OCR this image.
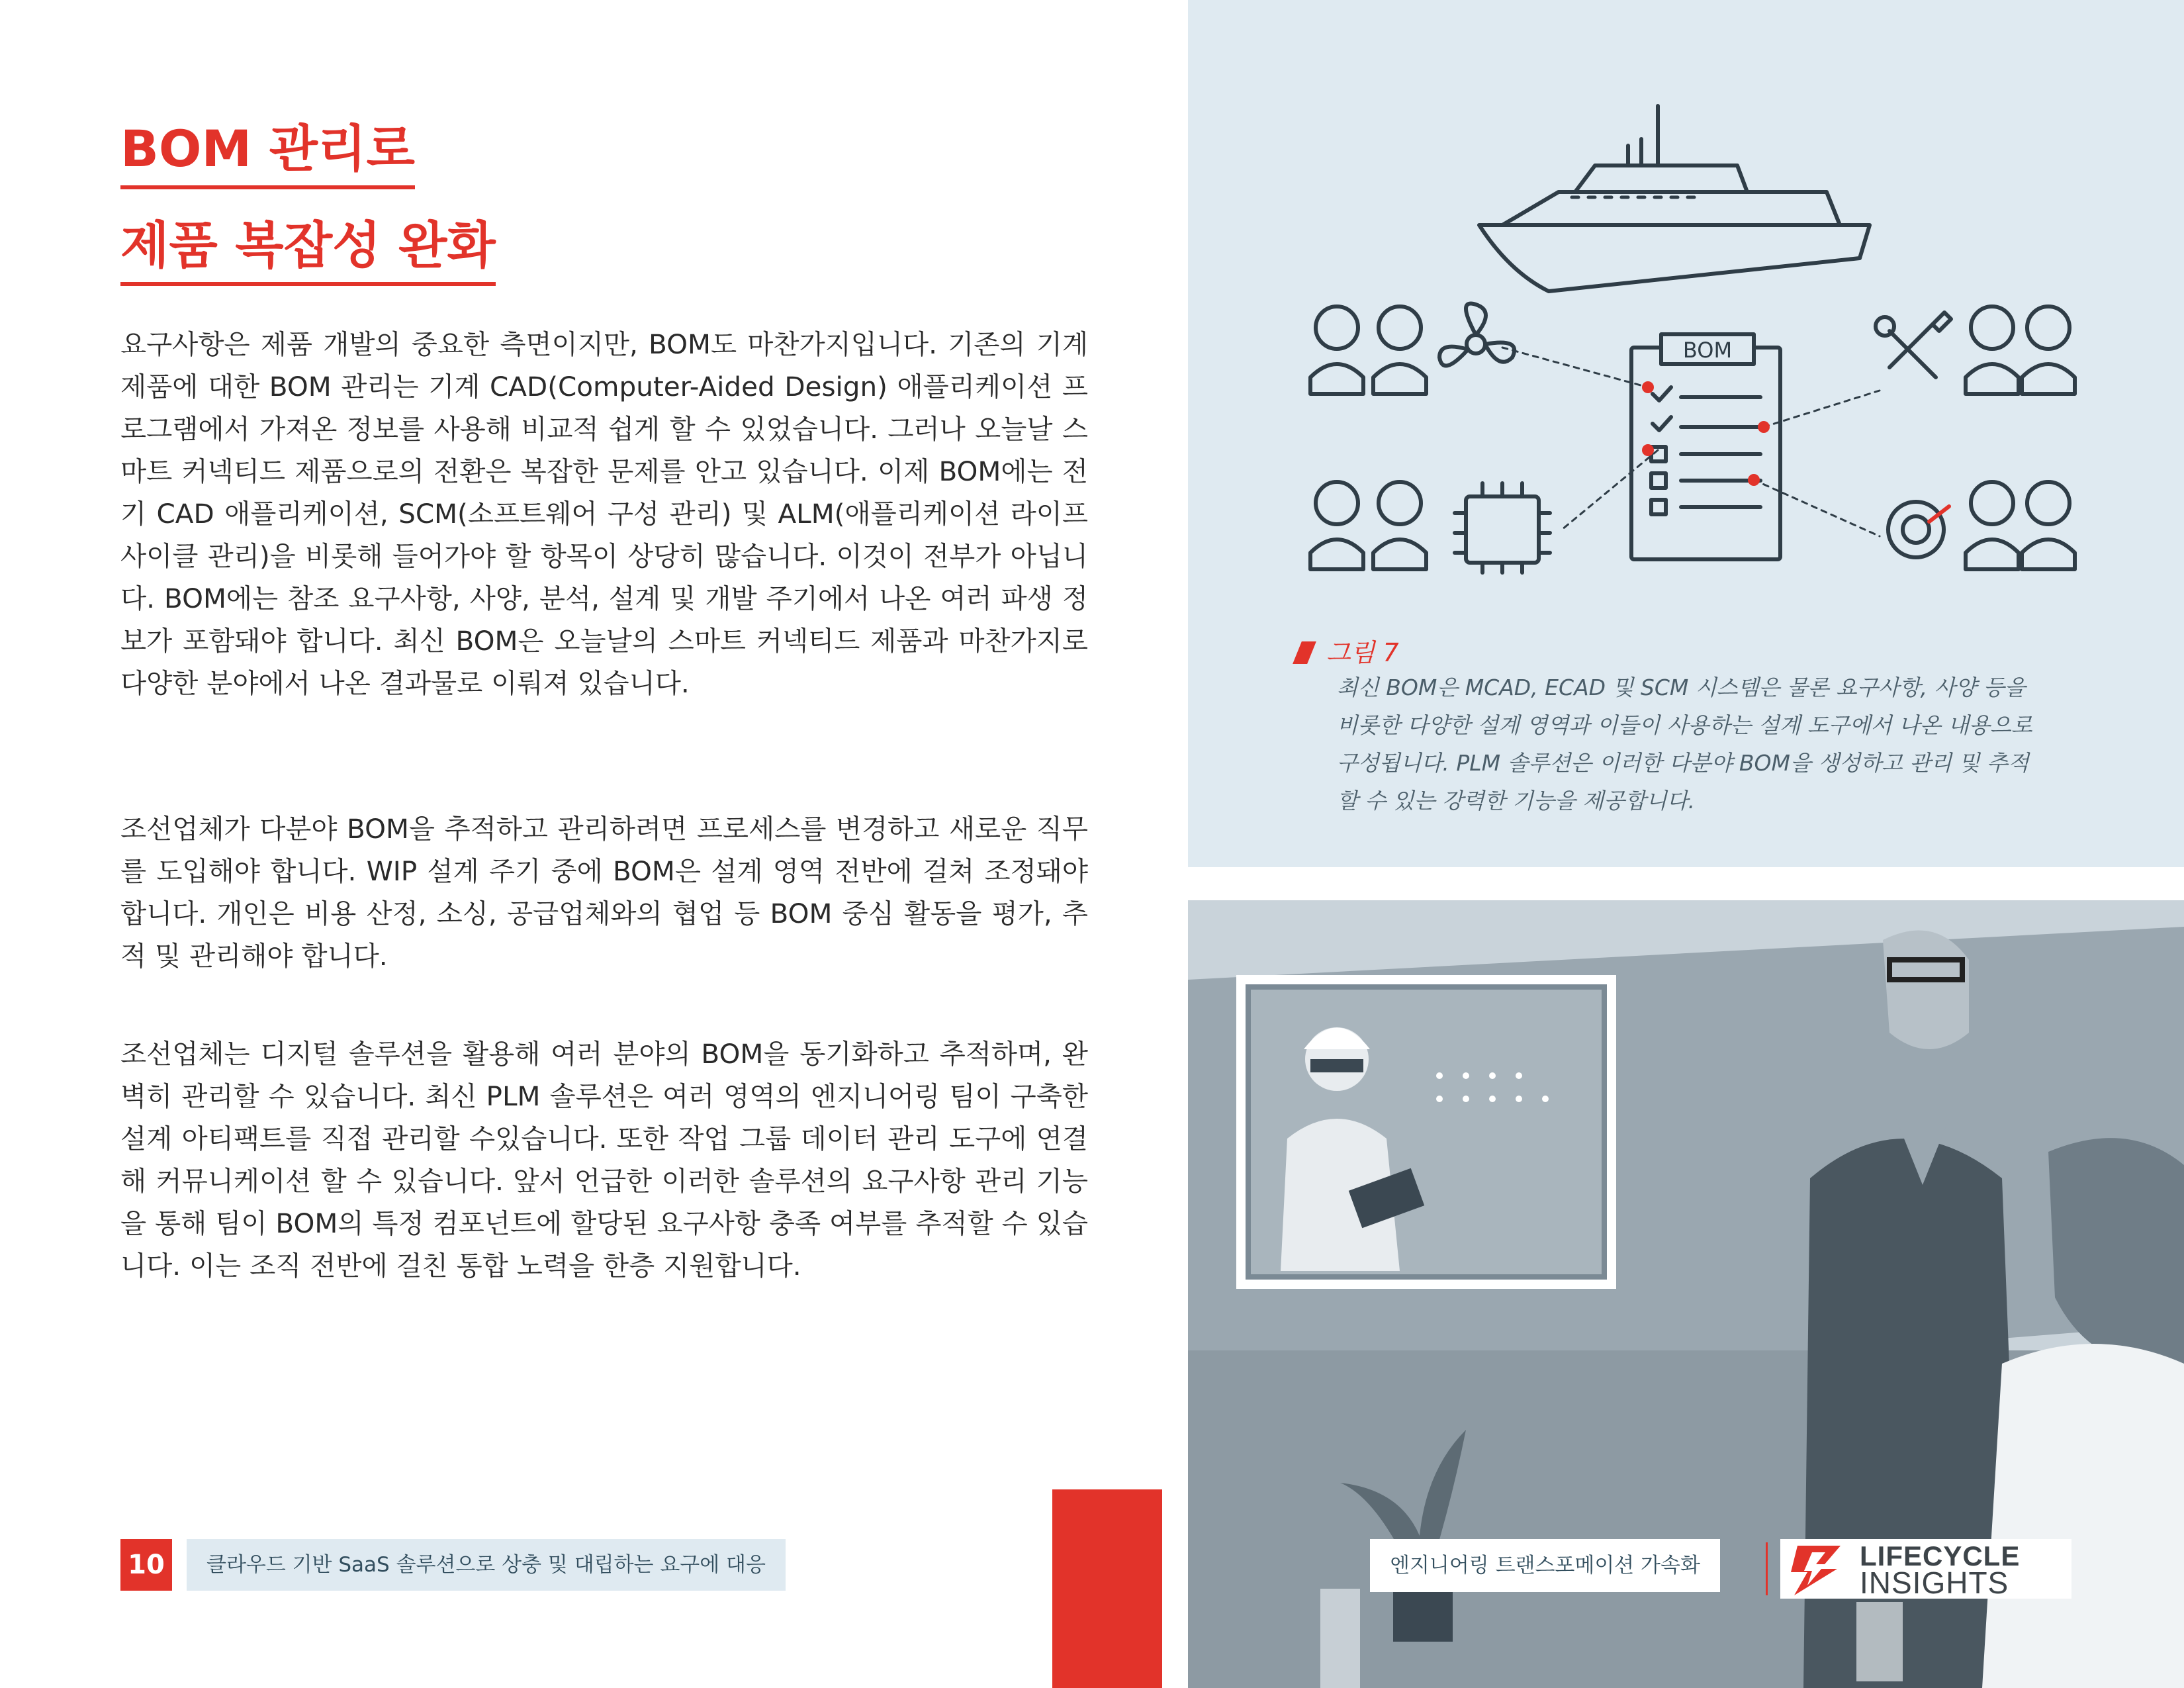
BOM 관리로
제품 복잡성 완화

요구사항은 제품 개발의 중요한 측면이지만, BOM도 마찬가지입니다. 기존의 기계 제품에 대한 BOM 관리는 기계 CAD(Computer-Aided Design) 애플리케이션 프로그램에서 가져온 정보를 사용해 비교적 쉽게 할 수 있었습니다. 그러나 오늘날 스마트 커넥티드 제품으로의 전환은 복잡한 문제를 안고 있습니다. 이제 BOM에는 전기 CAD 애플리케이션, SCM(소프트웨어 구성 관리) 및 ALM(애플리케이션 라이프사이클 관리)을 비롯해 들어가야 할 항목이 상당히 많습니다. 이것이 전부가 아닙니다. BOM에는 참조 요구사항, 사양, 분석, 설계 및 개발 주기에서 나온 여러 파생 정보가 포함돼야 합니다. 최신 BOM은 오늘날의 스마트 커넥티드 제품과 마찬가지로 다양한 분야에서 나온 결과물로 이뤄져 있습니다.

조선업체가 다분야 BOM을 추적하고 관리하려면 프로세스를 변경하고 새로운 직무를 도입해야 합니다. WIP 설계 주기 중에 BOM은 설계 영역 전반에 걸쳐 조정돼야 합니다. 개인은 비용 산정, 소싱, 공급업체와의 협업 등 BOM 중심 활동을 평가, 추적 및 관리해야 합니다.

조선업체는 디지털 솔루션을 활용해 여러 분야의 BOM을 동기화하고 추적하며, 완벽히 관리할 수 있습니다. 최신 PLM 솔루션은 여러 영역의 엔지니어링 팀이 구축한 설계 아티팩트를 직접 관리할 수있습니다. 또한 작업 그룹 데이터 관리 도구에 연결해 커뮤니케이션 할 수 있습니다. 앞서 언급한 이러한 솔루션의 요구사항 관리 기능을 통해 팀이 BOM의 특정 컴포넌트에 할당된 요구사항 충족 여부를 추적할 수 있습니다. 이는 조직 전반에 걸친 통합 노력을 한층 지원합니다.

10	클라우드 기반 SaaS 솔루션으로 상충 및 대립하는 요구에 대응
BOM
그림 7

최신 BOM은 MCAD, ECAD 및 SCM 시스템은 물론 요구사항, 사양 등을 비롯한 다양한 설계 영역과 이들이 사용하는 설계 도구에서 나온 내용으로 구성됩니다. PLM 솔루션은 이러한 다분야 BOM을 생성하고 관리 및 추적할 수 있는 강력한 기능을 제공합니다.

엔지니어링 트랜스포메이션 가속화	LIFECYCLE
INSIGHTS
